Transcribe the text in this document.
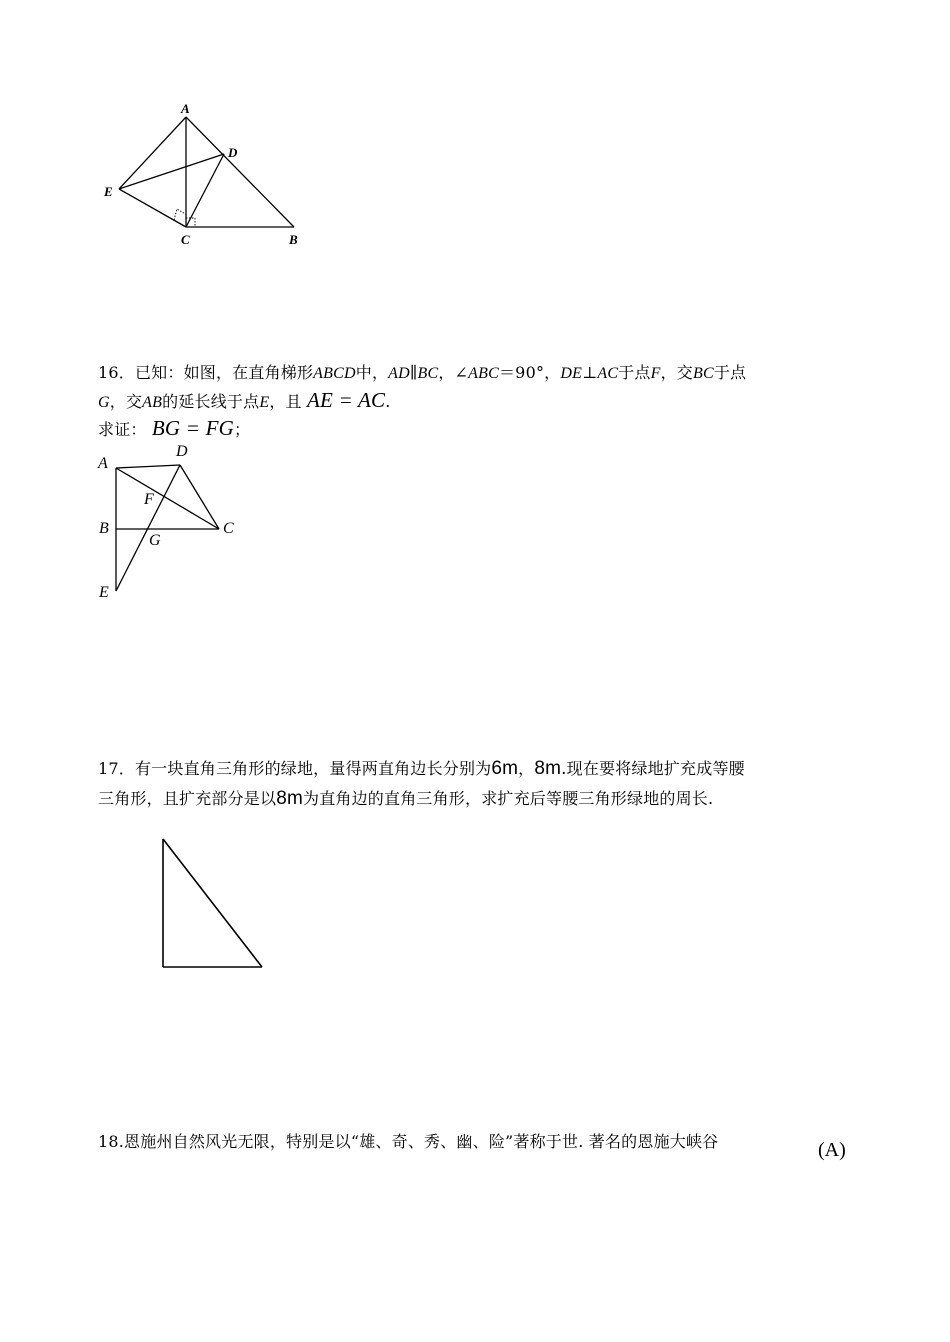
A
D
E
C	B
16．已知：如图，在直角梯形ABCD中，AD∥BC，∠ABC＝90°，DE⊥AC于点F，交BC于点
G，交AB的延长线于点E，且 AE = AC.
求证： BG = FG；
A
D
F
B
G
C
E
17．有一块直角三角形的绿地，量得两直角边长分别为6m，8m.现在要将绿地扩充成等腰
三角形，且扩充部分是以8m为直角边的直角三角形，求扩充后等腰三角形绿地的周长.
18.恩施州自然风光无限，特别是以“雄、奇、秀、幽、险”著称于世. 著名的恩施大峡谷	(A)
